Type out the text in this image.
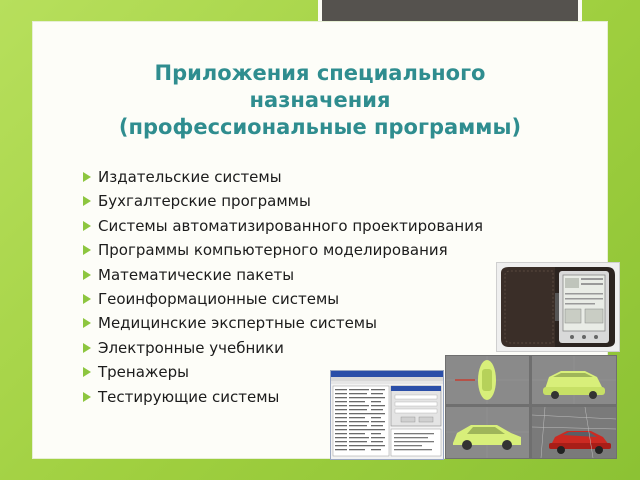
Приложения специального
назначения
(профессиональные программы)
Издательские системы
Бухгалтерские программы
Системы автоматизированного проектирования
Программы компьютерного моделирования
Математические пакеты
Геоинформационные системы
Медицинские экспертные системы
Электронные учебники
Тренажеры
Тестирующие системы
